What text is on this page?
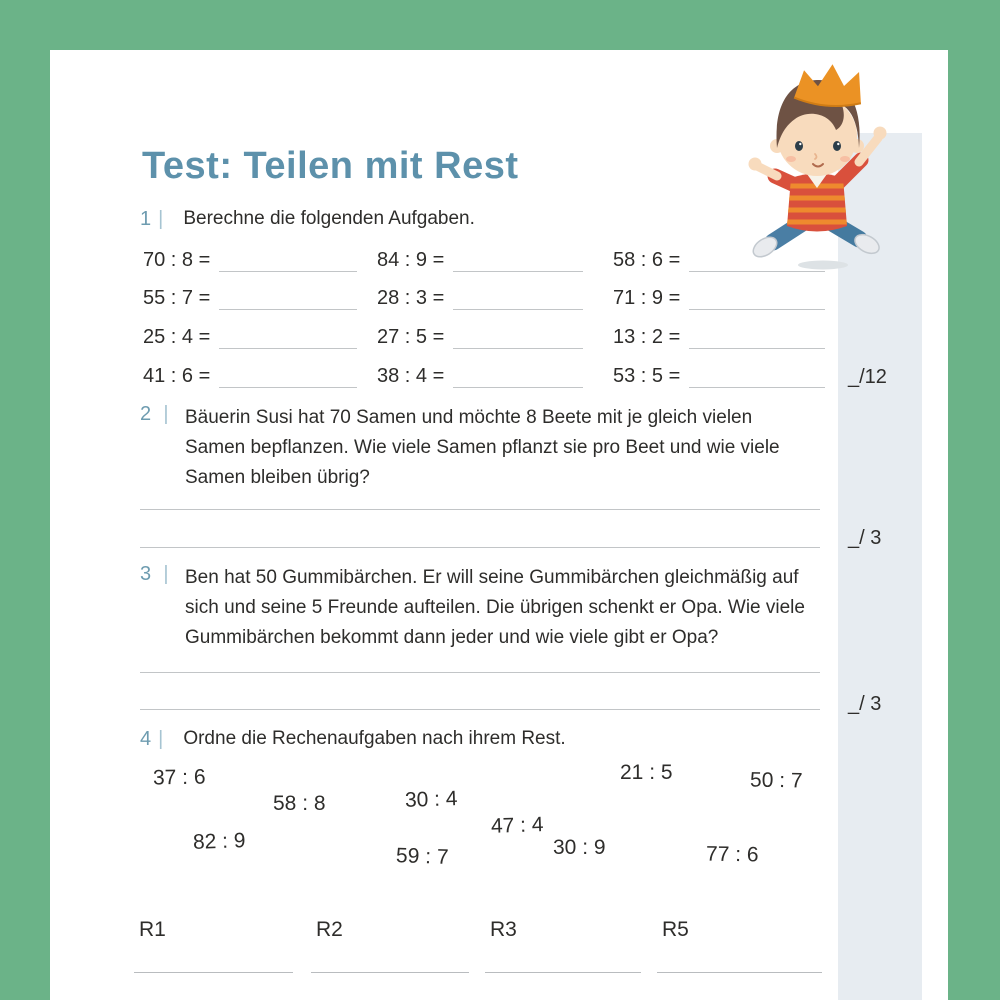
Test: Teilen mit Rest
1 | Berechne die folgenden Aufgaben.
70 : 8 =	84 : 9 =	58 : 6 =
55 : 7 =	28 : 3 =	71 : 9 =
25 : 4 =	27 : 5 =	13 : 2 =
41 : 6 =	38 : 4 =	53 : 5 =	_/12
2 | Bäuerin Susi hat 70 Samen und möchte 8 Beete mit je gleich vielen
Samen bepflanzen. Wie viele Samen pflanzt sie pro Beet und wie viele
Samen bleiben übrig?
_/ 3
3 | Ben hat 50 Gummibärchen. Er will seine Gummibärchen gleichmäßig auf
sich und seine 5 Freunde aufteilen. Die übrigen schenkt er Opa. Wie viele
Gummibärchen bekommt dann jeder und wie viele gibt er Opa?
_/ 3
4 | Ordne die Rechenaufgaben nach ihrem Rest.
37 : 6
58 : 8	30 : 4
21 : 5	50 : 7
82 : 9
59 : 7
47 : 4
30 : 9	77 : 6
R1	R2	R3	R5
